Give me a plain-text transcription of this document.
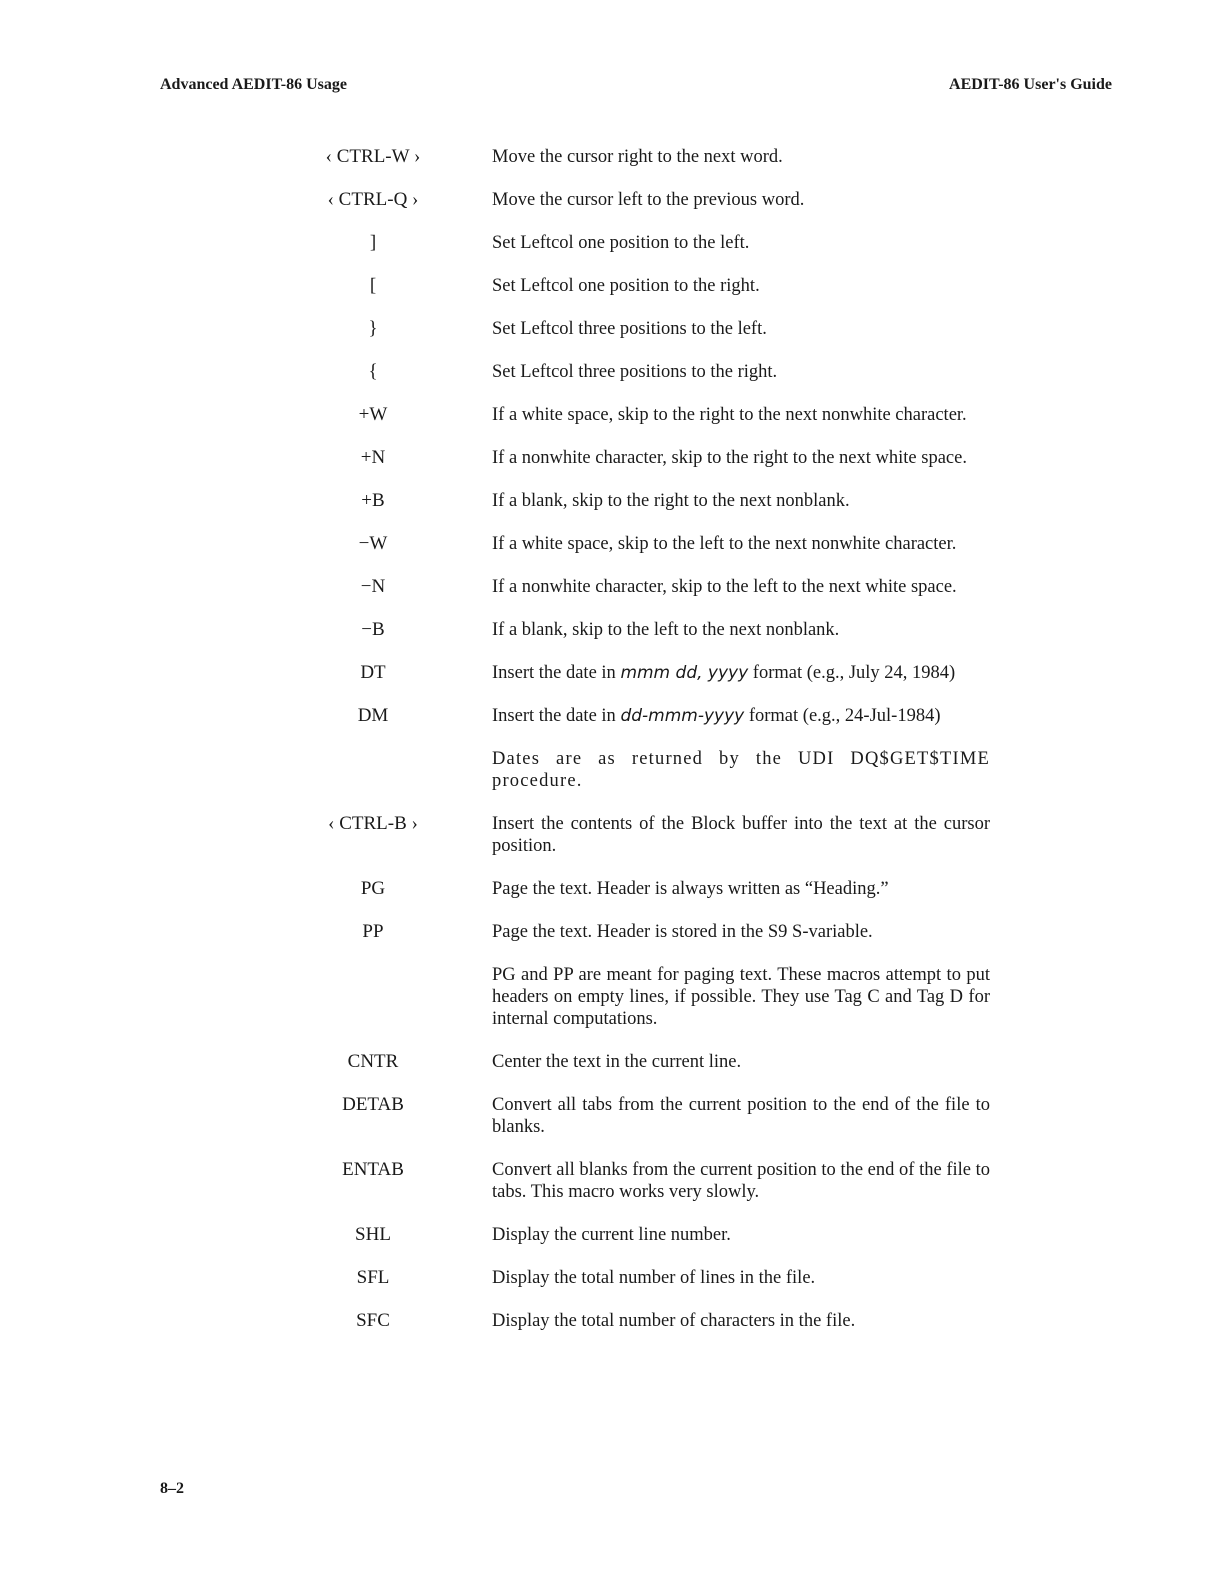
Advanced AEDIT-86 Usage	AEDIT-86 User's Guide
‹ CTRL-W ›	Move the cursor right to the next word.
‹ CTRL-Q ›	Move the cursor left to the previous word.
]	Set Leftcol one position to the left.
[	Set Leftcol one position to the right.
}	Set Leftcol three positions to the left.
{	Set Leftcol three positions to the right.
+W	If a white space, skip to the right to the next nonwhite character.
+N	If a nonwhite character, skip to the right to the next white space.
+B	If a blank, skip to the right to the next nonblank.
−W	If a white space, skip to the left to the next nonwhite character.
−N	If a nonwhite character, skip to the left to the next white space.
−B	If a blank, skip to the left to the next nonblank.
DT	Insert the date in mmm dd, yyyy format (e.g., July 24, 1984)
DM	Insert the date in dd-mmm-yyyy format (e.g., 24-Jul-1984)
Dates are as returned by the UDI DQ$GET$TIME procedure.
‹ CTRL-B ›	Insert the contents of the Block buffer into the text at the cursor position.
PG	Page the text. Header is always written as “Heading.”
PP	Page the text. Header is stored in the S9 S-variable.
PG and PP are meant for paging text. These macros attempt to put headers on empty lines, if possible. They use Tag C and Tag D for internal computations.
CNTR	Center the text in the current line.
DETAB	Convert all tabs from the current position to the end of the file to blanks.
ENTAB	Convert all blanks from the current position to the end of the file to tabs. This macro works very slowly.
SHL	Display the current line number.
SFL	Display the total number of lines in the file.
SFC	Display the total number of characters in the file.
8–2
